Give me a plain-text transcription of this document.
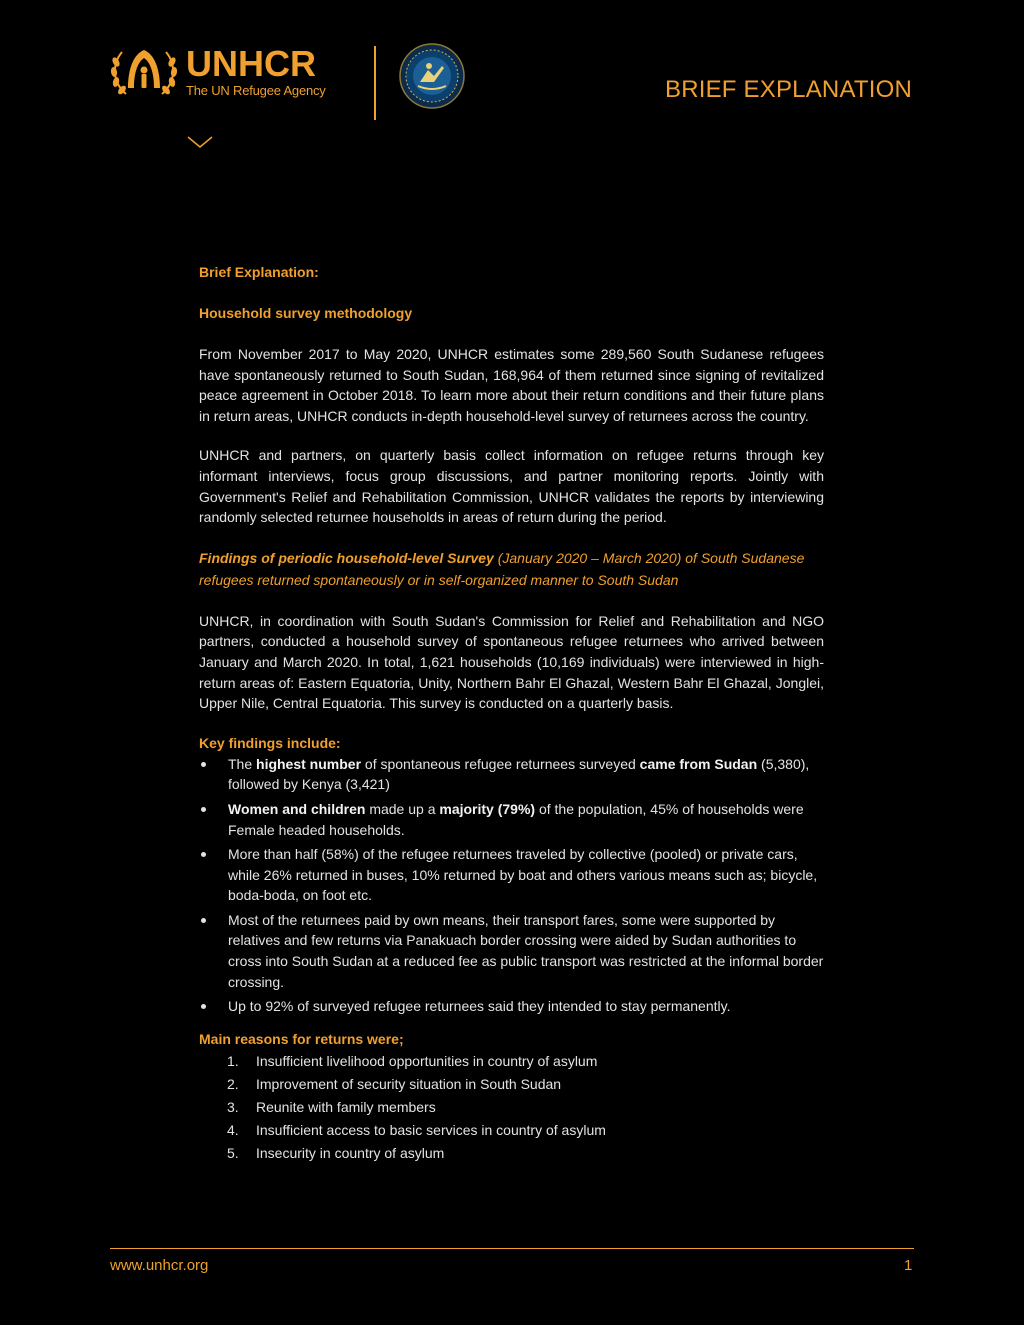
UNHCR
The UN Refugee Agency	BRIEF EXPLANATION
Brief Explanation:
Household survey methodology

From November 2017 to May 2020, UNHCR estimates some 289,560 South Sudanese refugees have spontaneously returned to South Sudan, 168,964 of them returned since signing of revitalized peace agreement in October 2018. To learn more about their return conditions and their future plans in return areas, UNHCR conducts in-depth household-level survey of returnees across the country.

UNHCR and partners, on quarterly basis collect information on refugee returns through key informant interviews, focus group discussions, and partner monitoring reports. Jointly with Government's Relief and Rehabilitation Commission, UNHCR validates the reports by interviewing randomly selected returnee households in areas of return during the period.

Findings of periodic household-level Survey (January 2020 – March 2020) of South Sudanese refugees returned spontaneously or in self-organized manner to South Sudan

UNHCR, in coordination with South Sudan's Commission for Relief and Rehabilitation and NGO partners, conducted a household survey of spontaneous refugee returnees who arrived between January and March 2020. In total, 1,621 households (10,169 individuals) were interviewed in high-return areas of: Eastern Equatoria, Unity, Northern Bahr El Ghazal, Western Bahr El Ghazal, Jonglei, Upper Nile, Central Equatoria. This survey is conducted on a quarterly basis.

Key findings include:
The highest number of spontaneous refugee returnees surveyed came from Sudan (5,380), followed by Kenya (3,421)
Women and children made up a majority (79%) of the population, 45% of households were Female headed households.
More than half (58%) of the refugee returnees traveled by collective (pooled) or private cars, while 26% returned in buses, 10% returned by boat and others various means such as; bicycle, boda-boda, on foot etc.
Most of the returnees paid by own means, their transport fares, some were supported by relatives and few returns via Panakuach border crossing were aided by Sudan authorities to cross into South Sudan at a reduced fee as public transport was restricted at the informal border crossing.
Up to 92% of surveyed refugee returnees said they intended to stay permanently.
Main reasons for returns were;
1. Insufficient livelihood opportunities in country of asylum
2. Improvement of security situation in South Sudan
3. Reunite with family members
4. Insufficient access to basic services in country of asylum
5. Insecurity in country of asylum
www.unhcr.org	1
